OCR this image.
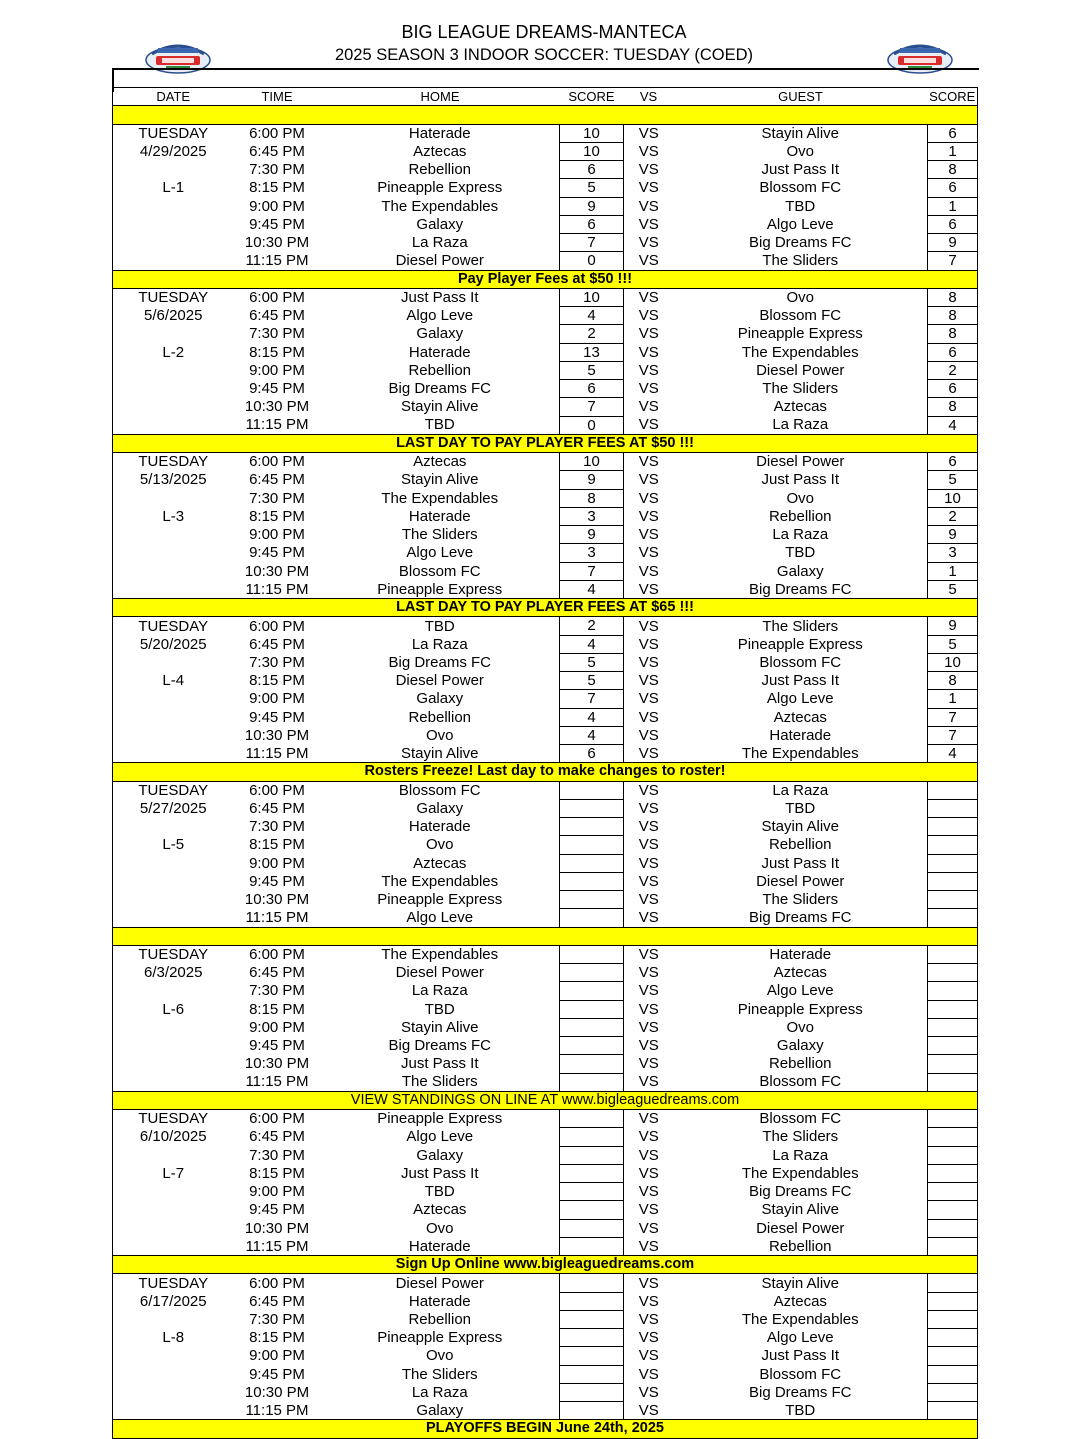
BIG LEAGUE DREAMS-MANTECA
2025 SEASON 3 INDOOR SOCCER: TUESDAY (COED)
DATE	TIME	HOME	SCORE	VS	GUEST	SCORE

TUESDAY	6:00 PM	Haterade	10	VS	Stayin Alive	6
4/29/2025	6:45 PM	Aztecas	10	VS	Ovo	1
	7:30 PM	Rebellion	6	VS	Just Pass It	8
L-1	8:15 PM	Pineapple Express	5	VS	Blossom FC	6
	9:00 PM	The Expendables	9	VS	TBD	1
	9:45 PM	Galaxy	6	VS	Algo Leve	6
	10:30 PM	La Raza	7	VS	Big Dreams FC	9
	11:15 PM	Diesel Power	0	VS	The Sliders	7
Pay Player Fees at $50 !!!						
TUESDAY	6:00 PM	Just Pass It	10	VS	Ovo	8
5/6/2025	6:45 PM	Algo Leve	4	VS	Blossom FC	8
	7:30 PM	Galaxy	2	VS	Pineapple Express	8
L-2	8:15 PM	Haterade	13	VS	The Expendables	6
	9:00 PM	Rebellion	5	VS	Diesel Power	2
	9:45 PM	Big Dreams FC	6	VS	The Sliders	6
	10:30 PM	Stayin Alive	7	VS	Aztecas	8
	11:15 PM	TBD	0	VS	La Raza	4
LAST DAY TO PAY PLAYER FEES AT $50 !!!						
TUESDAY	6:00 PM	Aztecas	10	VS	Diesel Power	6
5/13/2025	6:45 PM	Stayin Alive	9	VS	Just Pass It	5
	7:30 PM	The Expendables	8	VS	Ovo	10
L-3	8:15 PM	Haterade	3	VS	Rebellion	2
	9:00 PM	The Sliders	9	VS	La Raza	9
	9:45 PM	Algo Leve	3	VS	TBD	3
	10:30 PM	Blossom FC	7	VS	Galaxy	1
	11:15 PM	Pineapple Express	4	VS	Big Dreams FC	5
LAST DAY TO PAY PLAYER FEES AT $65 !!!						
TUESDAY	6:00 PM	TBD	2	VS	The Sliders	9
5/20/2025	6:45 PM	La Raza	4	VS	Pineapple Express	5
	7:30 PM	Big Dreams FC	5	VS	Blossom FC	10
L-4	8:15 PM	Diesel Power	5	VS	Just Pass It	8
	9:00 PM	Galaxy	7	VS	Algo Leve	1
	9:45 PM	Rebellion	4	VS	Aztecas	7
	10:30 PM	Ovo	4	VS	Haterade	7
	11:15 PM	Stayin Alive	6	VS	The Expendables	4
Rosters Freeze! Last day to make changes to roster!						
TUESDAY	6:00 PM	Blossom FC		VS	La Raza	
5/27/2025	6:45 PM	Galaxy		VS	TBD	
	7:30 PM	Haterade		VS	Stayin Alive	
L-5	8:15 PM	Ovo		VS	Rebellion	
	9:00 PM	Aztecas		VS	Just Pass It	
	9:45 PM	The Expendables		VS	Diesel Power	
	10:30 PM	Pineapple Express		VS	The Sliders	
	11:15 PM	Algo Leve		VS	Big Dreams FC	

TUESDAY	6:00 PM	The Expendables		VS	Haterade	
6/3/2025	6:45 PM	Diesel Power		VS	Aztecas	
	7:30 PM	La Raza		VS	Algo Leve	
L-6	8:15 PM	TBD		VS	Pineapple Express	
	9:00 PM	Stayin Alive		VS	Ovo	
	9:45 PM	Big Dreams FC		VS	Galaxy	
	10:30 PM	Just Pass It		VS	Rebellion	
	11:15 PM	The Sliders		VS	Blossom FC	
VIEW STANDINGS ON LINE AT www.bigleaguedreams.com						
TUESDAY	6:00 PM	Pineapple Express		VS	Blossom FC	
6/10/2025	6:45 PM	Algo Leve		VS	The Sliders	
	7:30 PM	Galaxy		VS	La Raza	
L-7	8:15 PM	Just Pass It		VS	The Expendables	
	9:00 PM	TBD		VS	Big Dreams FC	
	9:45 PM	Aztecas		VS	Stayin Alive	
	10:30 PM	Ovo		VS	Diesel Power	
	11:15 PM	Haterade		VS	Rebellion	
Sign Up Online www.bigleaguedreams.com						
TUESDAY	6:00 PM	Diesel Power		VS	Stayin Alive	
6/17/2025	6:45 PM	Haterade		VS	Aztecas	
	7:30 PM	Rebellion		VS	The Expendables	
L-8	8:15 PM	Pineapple Express		VS	Algo Leve	
	9:00 PM	Ovo		VS	Just Pass It	
	9:45 PM	The Sliders		VS	Blossom FC	
	10:30 PM	La Raza		VS	Big Dreams FC	
	11:15 PM	Galaxy		VS	TBD	
PLAYOFFS BEGIN June 24th, 2025						
